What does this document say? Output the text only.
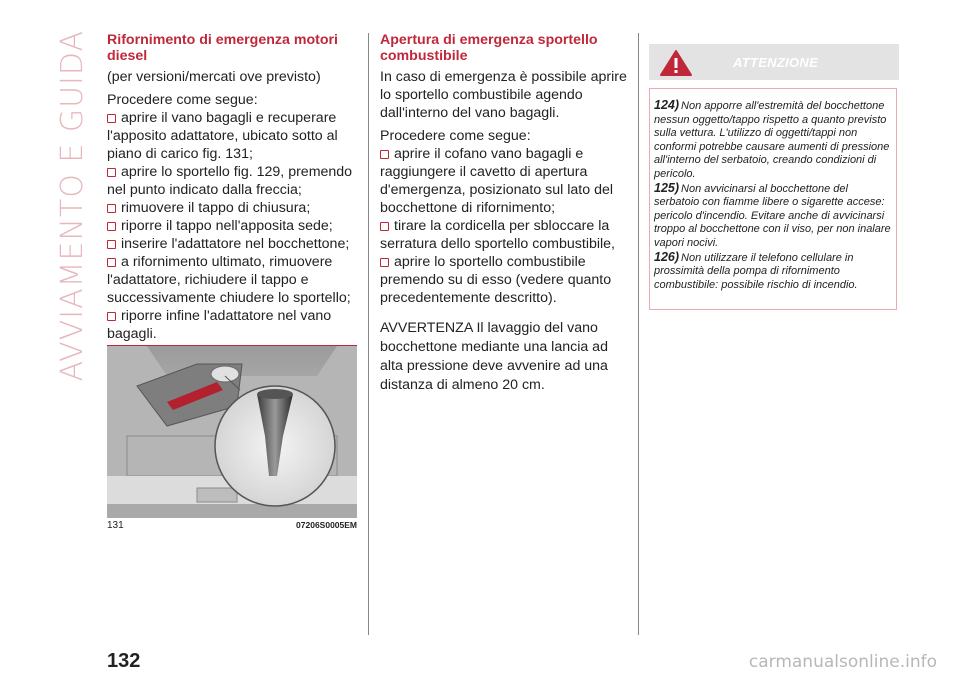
AVVIAMENTO E GUIDA Rifornimento di emergenza motori diesel
(per versioni/mercati ove previsto)
Procedere come segue:
aprire il vano bagagli e recuperare l'apposito adattatore, ubicato sotto al piano di carico fig. 131;
aprire lo sportello fig. 129, premendo nel punto indicato dalla freccia;
rimuovere il tappo di chiusura;
riporre il tappo nell'apposita sede;
inserire l'adattatore nel bocchettone;
a rifornimento ultimato, rimuovere l'adattatore, richiudere il tappo e successivamente chiudere lo sportello;
riporre infine l'adattatore nel vano bagagli.
131	07206S0005EM
Apertura di emergenza sportello combustibile
In caso di emergenza è possibile aprire lo sportello combustibile agendo dall'interno del vano bagagli.
Procedere come segue:
aprire il cofano vano bagagli e raggiungere il cavetto di apertura d'emergenza, posizionato sul lato del bocchettone di rifornimento;
tirare la cordicella per sbloccare la serratura dello sportello combustibile,
aprire lo sportello combustibile premendo su di esso (vedere quanto precedentemente descritto).
AVVERTENZA Il lavaggio del vano bocchettone mediante una lancia ad alta pressione deve avvenire ad una distanza di almeno 20 cm.
ATTENZIONE

124) Non apporre all'estremità del bocchettone nessun oggetto/tappo rispetto a quanto previsto sulla vettura. L'utilizzo di oggetti/tappi non conformi potrebbe causare aumenti di pressione all'interno del serbatoio, creando condizioni di pericolo.

125) Non avvicinarsi al bocchettone del serbatoio con fiamme libere o sigarette accese: pericolo d'incendio. Evitare anche di avvicinarsi troppo al bocchettone con il viso, per non inalare vapori nocivi.

126) Non utilizzare il telefono cellulare in prossimità della pompa di rifornimento combustibile: possibile rischio di incendio.

132	carmanualsonline.info
